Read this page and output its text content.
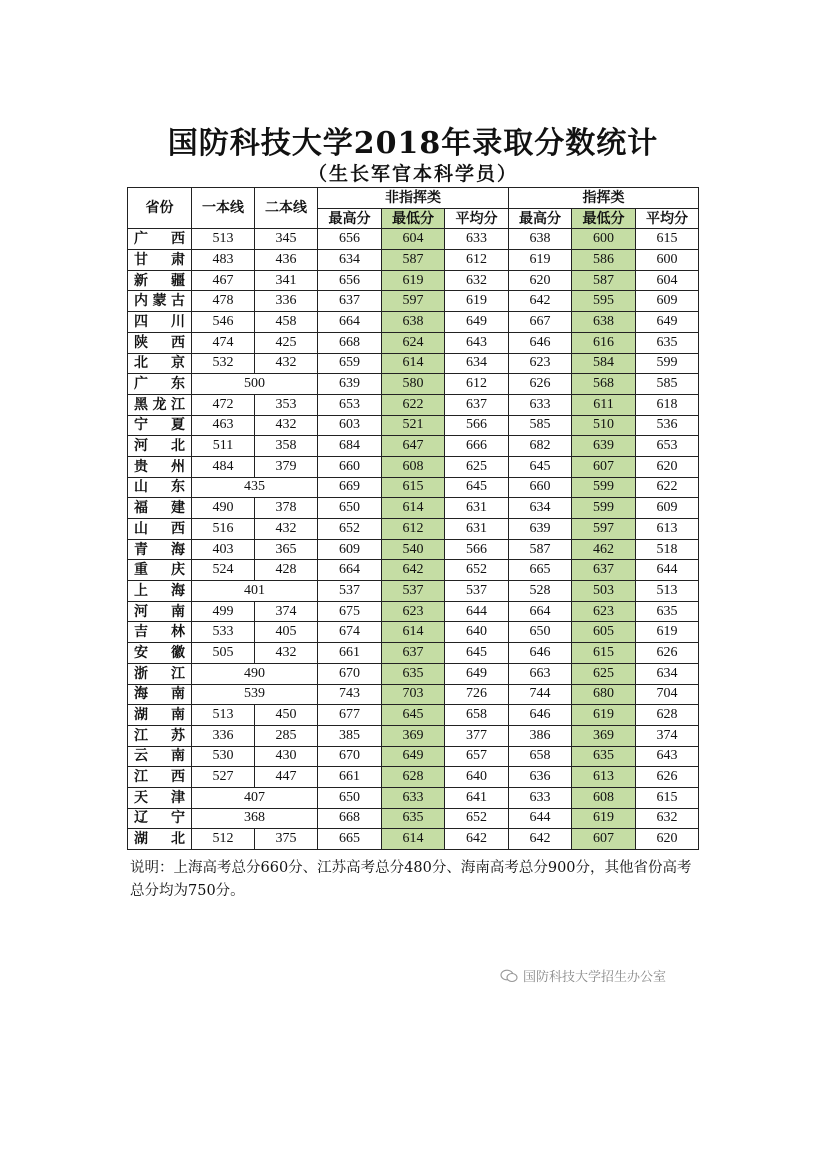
国防科技大学2018年录取分数统计
（生长军官本科学员）
省份	一本线	二本线	非指挥类			指挥类		
			最高分	最低分	平均分	最高分	最低分	平均分
广西	513	345	656	604	633	638	600	615
甘肃	483	436	634	587	612	619	586	600
新疆	467	341	656	619	632	620	587	604
内蒙古	478	336	637	597	619	642	595	609
四川	546	458	664	638	649	667	638	649
陕西	474	425	668	624	643	646	616	635
北京	532	432	659	614	634	623	584	599
广东	500		639	580	612	626	568	585
黑龙江	472	353	653	622	637	633	611	618
宁夏	463	432	603	521	566	585	510	536
河北	511	358	684	647	666	682	639	653
贵州	484	379	660	608	625	645	607	620
山东	435		669	615	645	660	599	622
福建	490	378	650	614	631	634	599	609
山西	516	432	652	612	631	639	597	613
青海	403	365	609	540	566	587	462	518
重庆	524	428	664	642	652	665	637	644
上海	401		537	537	537	528	503	513
河南	499	374	675	623	644	664	623	635
吉林	533	405	674	614	640	650	605	619
安徽	505	432	661	637	645	646	615	626
浙江	490		670	635	649	663	625	634
海南	539		743	703	726	744	680	704
湖南	513	450	677	645	658	646	619	628
江苏	336	285	385	369	377	386	369	374
云南	530	430	670	649	657	658	635	643
江西	527	447	661	628	640	636	613	626
天津	407		650	633	641	633	608	615
辽宁	368		668	635	652	644	619	632
湖北	512	375	665	614	642	642	607	620
说明：上海高考总分660分、江苏高考总分480分、海南高考总分900分，其他省份高考总分均为750分。
国防科技大学招生办公室
